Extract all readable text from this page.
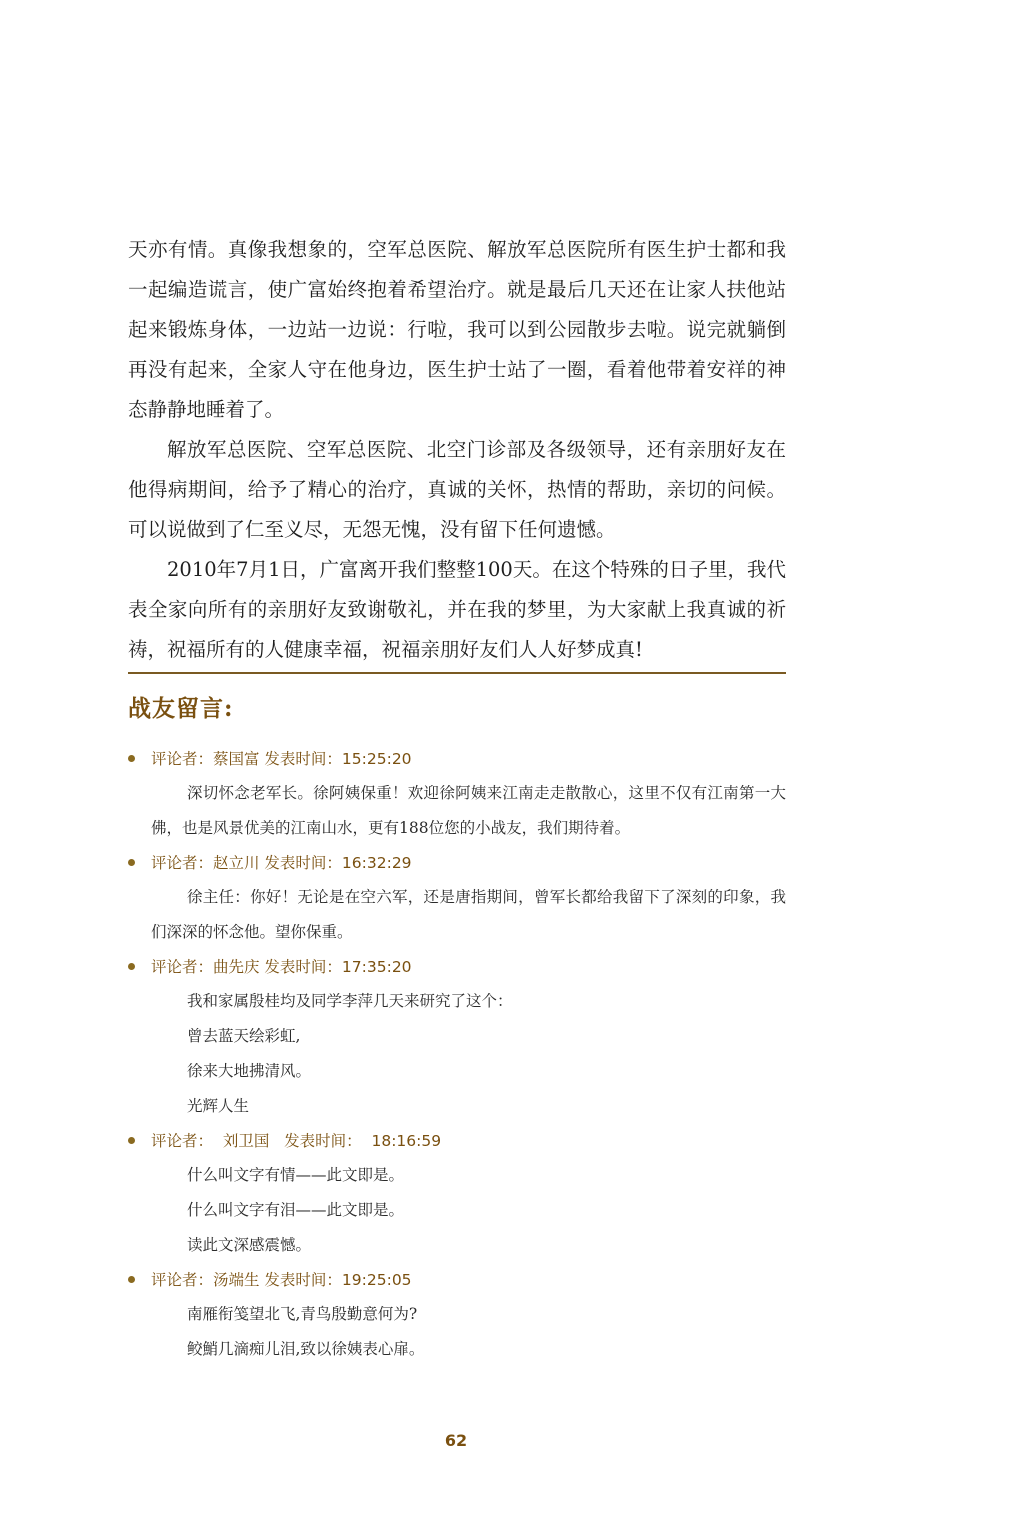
天亦有情。真像我想象的，空军总医院、解放军总医院所有医生护士都和我一起编造谎言，使广富始终抱着希望治疗。就是最后几天还在让家人扶他站起来锻炼身体，一边站一边说：行啦，我可以到公园散步去啦。说完就躺倒再没有起来，全家人守在他身边，医生护士站了一圈，看着他带着安祥的神态静静地睡着了。

解放军总医院、空军总医院、北空门诊部及各级领导，还有亲朋好友在他得病期间，给予了精心的治疗，真诚的关怀，热情的帮助，亲切的问候。可以说做到了仁至义尽，无怨无愧，没有留下任何遗憾。

2010年7月1日，广富离开我们整整100天。在这个特殊的日子里，我代表全家向所有的亲朋好友致谢敬礼，并在我的梦里，为大家献上我真诚的祈祷，祝福所有的人健康幸福，祝福亲朋好友们人人好梦成真!

战友留言:
评论者：蔡国富 发表时间：15:25:20

深切怀念老军长。徐阿姨保重！欢迎徐阿姨来江南走走散散心，这里不仅有江南第一大佛，也是风景优美的江南山水，更有188位您的小战友，我们期待着。

评论者：赵立川 发表时间：16:32:29

徐主任：你好！无论是在空六军，还是唐指期间，曾军长都给我留下了深刻的印象，我们深深的怀念他。望你保重。

评论者：曲先庆 发表时间：17:35:20

我和家属殷桂均及同学李萍几天来研究了这个：

曾去蓝天绘彩虹,

徐来大地拂清风。

光辉人生

评论者：  刘卫国   发表时间：  18:16:59

什么叫文字有情——此文即是。

什么叫文字有泪——此文即是。

读此文深感震憾。

评论者：汤端生 发表时间：19:25:05

南雁衔笺望北飞,青鸟殷勤意何为?

鲛鮹几滴痴儿泪,致以徐姨表心扉。

62
